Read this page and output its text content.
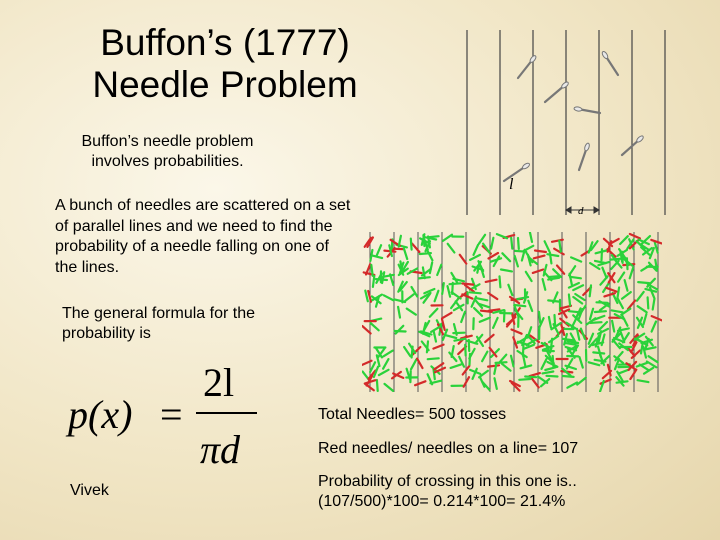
Buffon’s (1777)
Needle Problem
Buffon’s needle problem involves probabilities.
A bunch of needles are scattered on a set of parallel lines and we need to find the probability of a needle falling on one of the lines.
The general formula for the probability is
p(x) =
2l
πd
Vivek
Total Needles= 500 tosses
Red needles/ needles on a line= 107
Probability of crossing in this one is..(107/500)*100= 0.214*100= 21.4%
l
d
